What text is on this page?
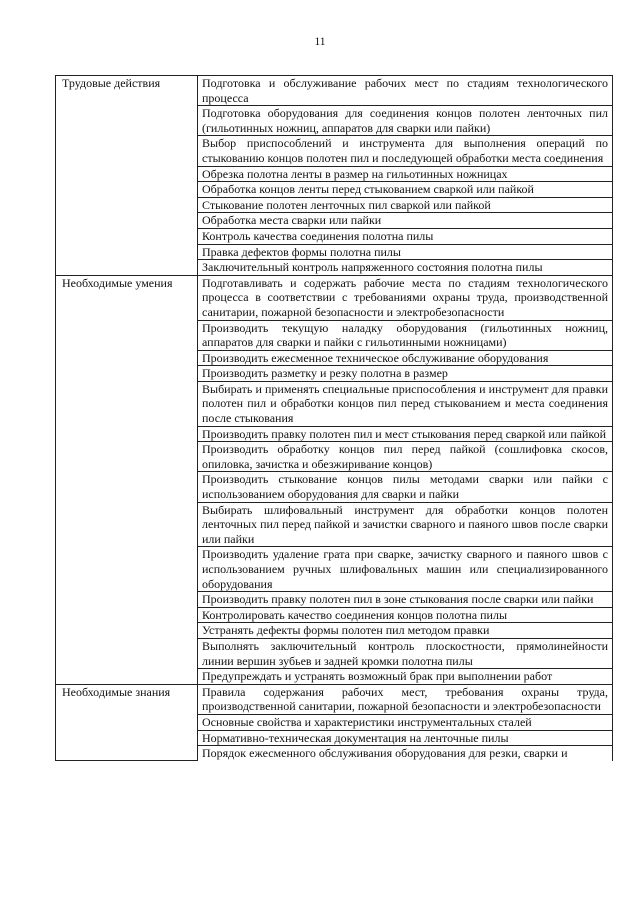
11
Трудовые действия	Подготовка и обслуживание рабочих мест по стадиям технологического процесса
	Подготовка оборудования для соединения концов полотен ленточных пил (гильотинных ножниц, аппаратов для сварки или пайки)
	Выбор приспособлений и инструмента для выполнения операций по стыкованию концов полотен пил и последующей обработки места соединения
	Обрезка полотна ленты в размер на гильотинных ножницах
	Обработка концов ленты перед стыкованием сваркой или пайкой
	Стыкование полотен ленточных пил сваркой или пайкой
	Обработка места сварки или пайки
	Контроль качества соединения полотна пилы
	Правка дефектов формы полотна пилы
	Заключительный контроль напряженного состояния полотна пилы
Необходимые умения	Подготавливать и содержать рабочие места по стадиям технологического процесса в соответствии с требованиями охраны труда, производственной санитарии, пожарной безопасности и электробезопасности
	Производить текущую наладку оборудования (гильотинных ножниц, аппаратов для сварки и пайки с гильотинными ножницами)
	Производить ежесменное техническое обслуживание оборудования
	Производить разметку и резку полотна в размер
	Выбирать и применять специальные приспособления и инструмент для правки полотен пил и обработки концов пил перед стыкованием и места соединения после стыкования
	Производить правку полотен пил и мест стыкования перед сваркой или пайкой
	Производить обработку концов пил перед пайкой (сошлифовка скосов, опиловка, зачистка и обезжиривание концов)
	Производить стыкование концов пилы методами сварки или пайки с использованием оборудования для сварки и пайки
	Выбирать шлифовальный инструмент для обработки концов полотен ленточных пил перед пайкой и зачистки сварного и паяного швов после сварки или пайки
	Производить удаление грата при сварке, зачистку сварного и паяного швов с использованием ручных шлифовальных машин или специализированного оборудования
	Производить правку полотен пил в зоне стыкования после сварки или пайки
	Контролировать качество соединения концов полотна пилы
	Устранять дефекты формы полотен пил методом правки
	Выполнять заключительный контроль плоскостности, прямолинейности линии вершин зубьев и задней кромки полотна пилы
	Предупреждать и устранять возможный брак при выполнении работ
Необходимые знания	Правила содержания рабочих мест, требования охраны труда, производственной санитарии, пожарной безопасности и электробезопасности
	Основные свойства и характеристики инструментальных сталей
	Нормативно-техническая документация на ленточные пилы
	Порядок ежесменного обслуживания оборудования для резки, сварки и
